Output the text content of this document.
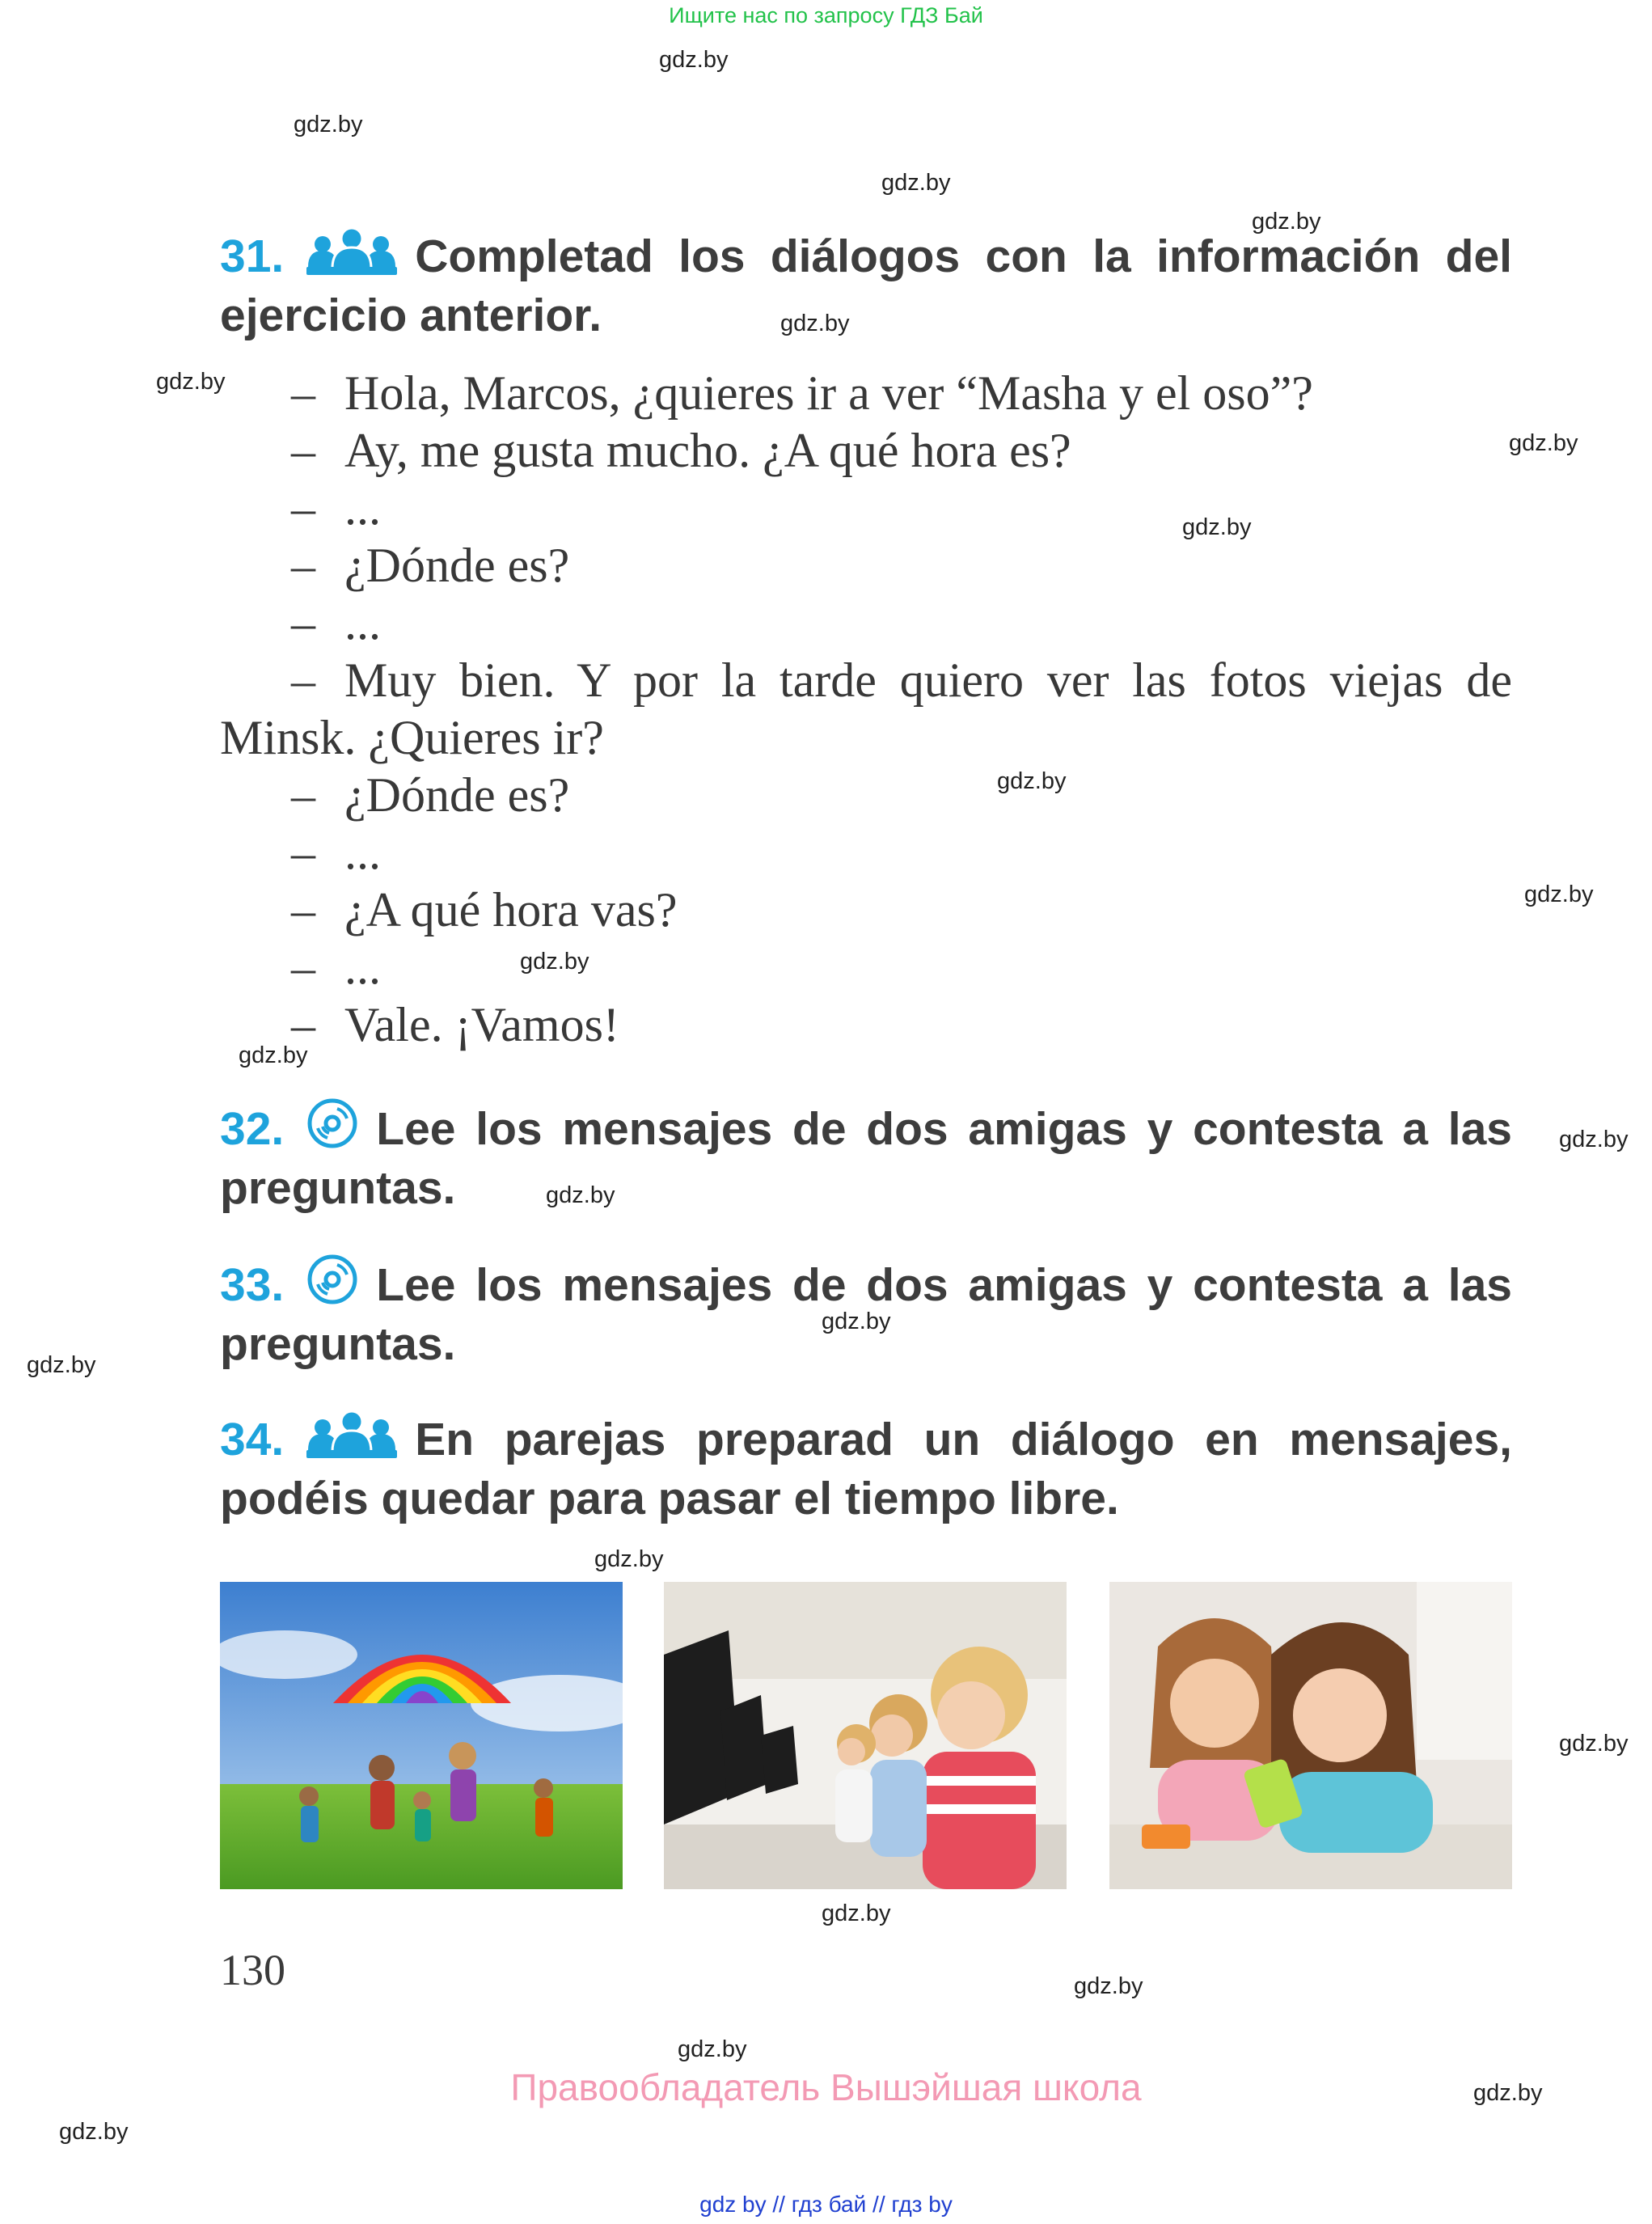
Ищите нас по запросу ГДЗ Бай
gdz.by
gdz.by
gdz.by
gdz.by
gdz.by
gdz.by
gdz.by
gdz.by
gdz.by
gdz.by
gdz.by
gdz.by
gdz.by
gdz.by
gdz.by
gdz.by
gdz.by
gdz.by
gdz.by
gdz.by
gdz.by
gdz.by
gdz.by
31.	Completad los diálogos con la información del ejercicio anterior.
– Hola, Marcos, ¿quieres ir a ver “Masha y el oso”?
– Ay, me gusta mucho. ¿A qué hora es?
– ...
– ¿Dónde es?
– ...
– Muy bien. Y por la tarde quiero ver las fotos viejas de Minsk. ¿Quieres ir?
– ¿Dónde es?
– ...
– ¿A qué hora vas?
– ...
– Vale. ¡Vamos!
32. Lee los mensajes de dos amigas y contesta a las preguntas.
33. Lee los mensajes de dos amigas y contesta a las preguntas.
34.	En parejas preparad un diálogo en mensajes, podéis quedar para pasar el tiempo libre.
130
Правообладатель Вышэйшая школа
gdz by // гдз бай // гдз by
